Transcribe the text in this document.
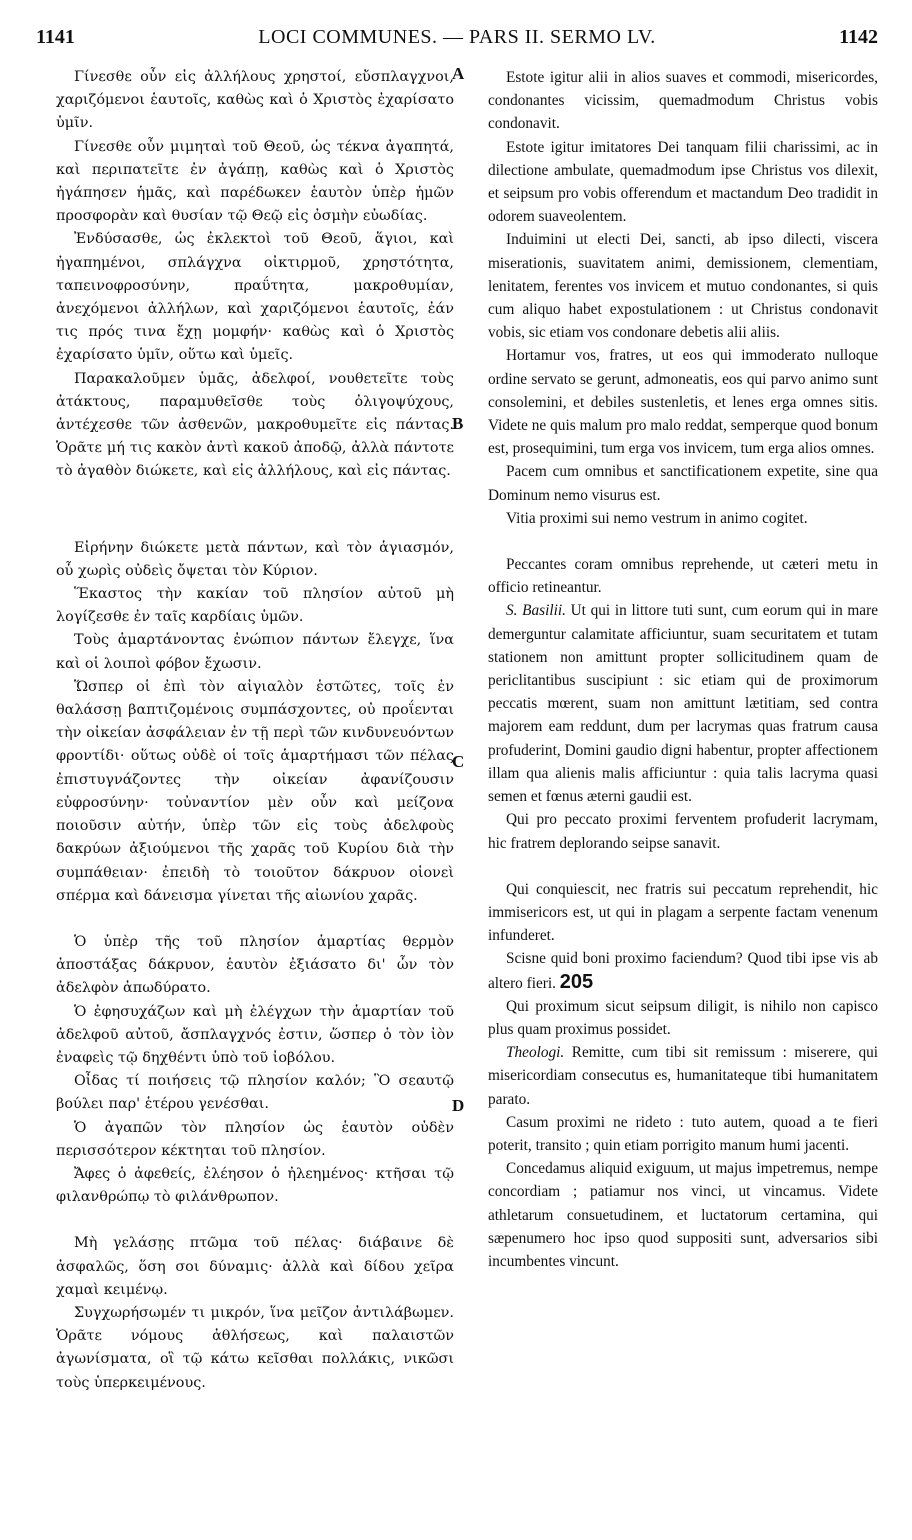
1141	LOCI COMMUNES. — PARS II. SERMO LV.	1142
A
B
C
D

Γίνεσθε οὖν εἰς ἀλλήλους χρηστοί, εὔσπλαγχνοι, χαριζόμενοι ἑαυτοῖς, καθὼς καὶ ὁ Χριστὸς ἐχαρίσατο ὑμῖν.

Γίνεσθε οὖν μιμηταὶ τοῦ Θεοῦ, ὡς τέκνα ἀγαπητά, καὶ περιπατεῖτε ἐν ἀγάπῃ, καθὼς καὶ ὁ Χριστὸς ἠγάπησεν ἡμᾶς, καὶ παρέδωκεν ἑαυτὸν ὑπὲρ ἡμῶν προσφορὰν καὶ θυσίαν τῷ Θεῷ εἰς ὀσμὴν εὐωδίας.

Ἐνδύσασθε, ὡς ἐκλεκτοὶ τοῦ Θεοῦ, ἅγιοι, καὶ ἠγαπημένοι, σπλάγχνα οἰκτιρμοῦ, χρηστότητα, ταπεινοφροσύνην, πραΰτητα, μακροθυμίαν, ἀνεχόμενοι ἀλλήλων, καὶ χαριζόμενοι ἑαυτοῖς, ἐάν τις πρός τινα ἔχῃ μομφήν· καθὼς καὶ ὁ Χριστὸς ἐχαρίσατο ὑμῖν, οὕτω καὶ ὑμεῖς.

Παρακαλοῦμεν ὑμᾶς, ἀδελφοί, νουθετεῖτε τοὺς ἀτάκτους, παραμυθεῖσθε τοὺς ὀλιγοψύχους, ἀντέχεσθε τῶν ἀσθενῶν, μακροθυμεῖτε εἰς πάντας. Ὁρᾶτε μή τις κακὸν ἀντὶ κακοῦ ἀποδῷ, ἀλλὰ πάντοτε τὸ ἀγαθὸν διώκετε, καὶ εἰς ἀλλήλους, καὶ εἰς πάντας.

Εἰρήνην διώκετε μετὰ πάντων, καὶ τὸν ἁγιασμόν, οὗ χωρὶς οὐδεὶς ὄψεται τὸν Κύριον.

Ἕκαστος τὴν κακίαν τοῦ πλησίον αὐτοῦ μὴ λογίζεσθε ἐν ταῖς καρδίαις ὑμῶν.

Τοὺς ἁμαρτάνοντας ἐνώπιον πάντων ἔλεγχε, ἵνα καὶ οἱ λοιποὶ φόβον ἔχωσιν.

Ὥσπερ οἱ ἐπὶ τὸν αἰγιαλὸν ἑστῶτες, τοῖς ἐν θαλάσσῃ βαπτιζομένοις συμπάσχοντες, οὐ προΐενται τὴν οἰκείαν ἀσφάλειαν ἐν τῇ περὶ τῶν κινδυνευόντων φροντίδι· οὕτως οὐδὲ οἱ τοῖς ἁμαρτήμασι τῶν πέλας ἐπιστυγνάζοντες τὴν οἰκείαν ἀφανίζουσιν εὐφροσύνην· τοὐναντίον μὲν οὖν καὶ μείζονα ποιοῦσιν αὐτήν, ὑπὲρ τῶν εἰς τοὺς ἀδελφοὺς δακρύων ἀξιούμενοι τῆς χαρᾶς τοῦ Κυρίου διὰ τὴν συμπάθειαν· ἐπειδὴ τὸ τοιοῦτον δάκρυον οἱονεὶ σπέρμα καὶ δάνεισμα γίνεται τῆς αἰωνίου χαρᾶς.

Ὁ ὑπὲρ τῆς τοῦ πλησίον ἁμαρτίας θερμὸν ἀποστάξας δάκρυον, ἑαυτὸν ἐξιάσατο δι' ὧν τὸν ἀδελφὸν ἀπωδύρατο.

Ὁ ἐφησυχάζων καὶ μὴ ἐλέγχων τὴν ἁμαρτίαν τοῦ ἀδελφοῦ αὐτοῦ, ἄσπλαγχνός ἐστιν, ὥσπερ ὁ τὸν ἰὸν ἐναφεὶς τῷ δηχθέντι ὑπὸ τοῦ ἰοβόλου.

Οἶδας τί ποιήσεις τῷ πλησίον καλόν; Ὃ σεαυτῷ βούλει παρ' ἑτέρου γενέσθαι.

Ὁ ἀγαπῶν τὸν πλησίον ὡς ἑαυτὸν οὐδὲν περισσότερον κέκτηται τοῦ πλησίον.

Ἄφες ὁ ἀφεθείς, ἐλέησον ὁ ἠλεημένος· κτῆσαι τῷ φιλανθρώπῳ τὸ φιλάνθρωπον.

Μὴ γελάσῃς πτῶμα τοῦ πέλας· διάβαινε δὲ ἀσφαλῶς, ὅση σοι δύναμις· ἀλλὰ καὶ δίδου χεῖρα χαμαὶ κειμένῳ.

Συγχωρήσωμέν τι μικρόν, ἵνα μεῖζον ἀντιλάβωμεν. Ὁρᾶτε νόμους ἀθλήσεως, καὶ παλαιστῶν ἀγωνίσματα, οἳ τῷ κάτω κεῖσθαι πολλάκις, νικῶσι τοὺς ὑπερκειμένους.

Estote igitur alii in alios suaves et commodi, misericordes, condonantes vicissim, quemadmodum Christus vobis condonavit.

Estote igitur imitatores Dei tanquam filii charissimi, ac in dilectione ambulate, quemadmodum ipse Christus vos dilexit, et seipsum pro vobis offerendum et mactandum Deo tradidit in odorem suaveolentem.

Induimini ut electi Dei, sancti, ab ipso dilecti, viscera miserationis, suavitatem animi, demissionem, clementiam, lenitatem, ferentes vos invicem et mutuo condonantes, si quis cum aliquo habet expostulationem : ut Christus condonavit vobis, sic etiam vos condonare debetis alii aliis.

Hortamur vos, fratres, ut eos qui immoderato nulloque ordine servato se gerunt, admoneatis, eos qui parvo animo sunt consolemini, et debiles sustenletis, et lenes erga omnes sitis. Videte ne quis malum pro malo reddat, semperque quod bonum est, prosequimini, tum erga vos invicem, tum erga alios omnes.

Pacem cum omnibus et sanctificationem expetite, sine qua Dominum nemo visurus est.

Vitia proximi sui nemo vestrum in animo cogitet.

Peccantes coram omnibus reprehende, ut cæteri metu in officio retineantur.

S. Basilii. Ut qui in littore tuti sunt, cum eorum qui in mare demerguntur calamitate afficiuntur, suam securitatem et tutam stationem non amittunt propter sollicitudinem quam de periclitantibus suscipiunt : sic etiam qui de proximorum peccatis mœrent, suam non amittunt lætitiam, sed contra majorem eam reddunt, dum per lacrymas quas fratrum causa profuderint, Domini gaudio digni habentur, propter affectionem illam qua alienis malis afficiuntur : quia talis lacryma quasi semen et fœnus æterni gaudii est.

Qui pro peccato proximi ferventem profuderit lacrymam, hic fratrem deplorando seipse sanavit.

Qui conquiescit, nec fratris sui peccatum reprehendit, hic immisericors est, ut qui in plagam a serpente factam venenum infunderet.

Scisne quid boni proximo faciendum? Quod tibi ipse vis ab altero fieri. 205

Qui proximum sicut seipsum diligit, is nihilo non capisco plus quam proximus possidet.

Theologi. Remitte, cum tibi sit remissum : miserere, qui misericordiam consecutus es, humanitateque tibi humanitatem parato.

Casum proximi ne rideto : tuto autem, quoad a te fieri poterit, transito ; quin etiam porrigito manum humi jacenti.

Concedamus aliquid exiguum, ut majus impetremus, nempe concordiam ; patiamur nos vinci, ut vincamus. Videte athletarum consuetudinem, et luctatorum certamina, qui sæpenumero hoc ipso quod suppositi sunt, adversarios sibi incumbentes vincunt.
